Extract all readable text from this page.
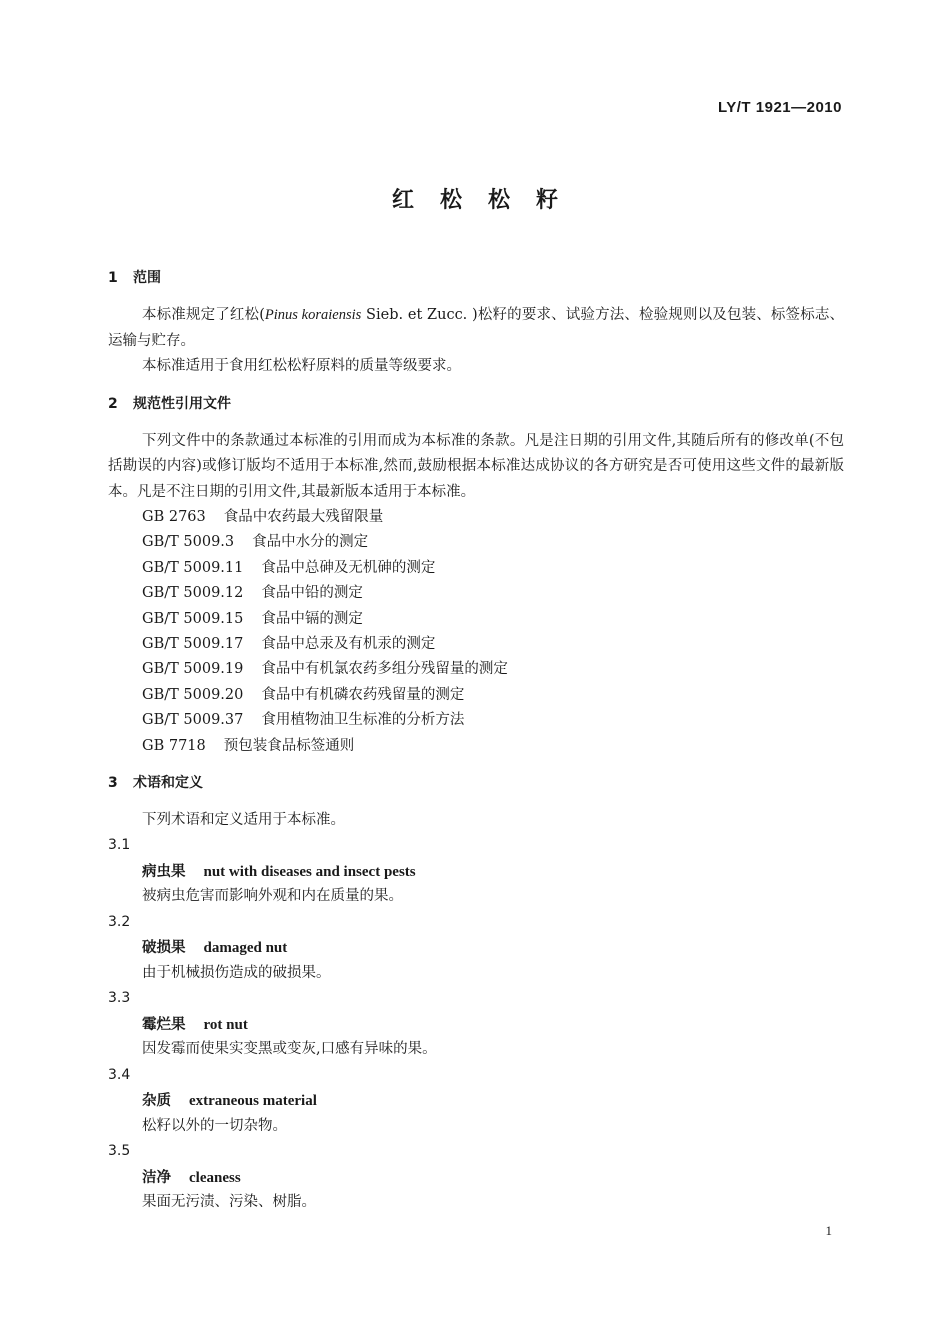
LY/T 1921—2010
红松松籽
1 范围
本标准规定了红松(Pinus koraiensis Sieb. et Zucc. )松籽的要求、试验方法、检验规则以及包装、标签标志、运输与贮存。
本标准适用于食用红松松籽原料的质量等级要求。
2 规范性引用文件
下列文件中的条款通过本标准的引用而成为本标准的条款。凡是注日期的引用文件,其随后所有的修改单(不包括勘误的内容)或修订版均不适用于本标准,然而,鼓励根据本标准达成协议的各方研究是否可使用这些文件的最新版本。凡是不注日期的引用文件,其最新版本适用于本标准。
GB 2763 食品中农药最大残留限量
GB/T 5009.3 食品中水分的测定
GB/T 5009.11 食品中总砷及无机砷的测定
GB/T 5009.12 食品中铅的测定
GB/T 5009.15 食品中镉的测定
GB/T 5009.17 食品中总汞及有机汞的测定
GB/T 5009.19 食品中有机氯农药多组分残留量的测定
GB/T 5009.20 食品中有机磷农药残留量的测定
GB/T 5009.37 食用植物油卫生标准的分析方法
GB 7718 预包装食品标签通则
3 术语和定义
下列术语和定义适用于本标准。
3.1
病虫果 nut with diseases and insect pests
被病虫危害而影响外观和内在质量的果。
3.2
破损果 damaged nut
由于机械损伤造成的破损果。
3.3
霉烂果 rot nut
因发霉而使果实变黑或变灰,口感有异味的果。
3.4
杂质 extraneous material
松籽以外的一切杂物。
3.5
洁净 cleaness
果面无污渍、污染、树脂。
1
